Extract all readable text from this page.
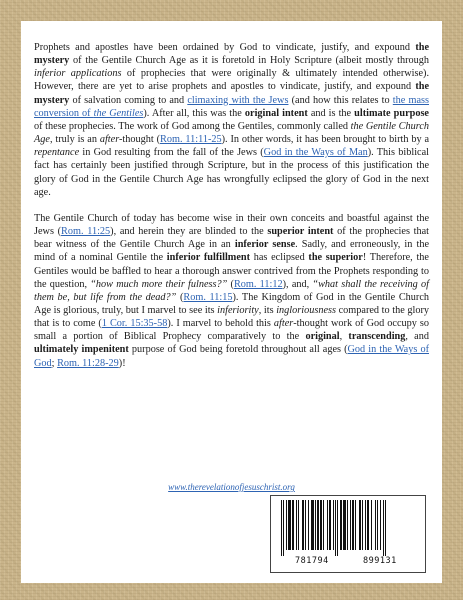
Prophets and apostles have been ordained by God to vindicate, justify, and expound the mystery of the Gentile Church Age as it is foretold in Holy Scripture (albeit mostly through inferior applications of prophecies that were originally & ultimately intended otherwise). However, there are yet to arise prophets and apostles to vindicate, justify, and expound the mystery of salvation coming to and climaxing with the Jews (and how this relates to the mass conversion of the Gentiles). After all, this was the original intent and is the ultimate purpose of these prophecies. The work of God among the Gentiles, commonly called the Gentile Church Age, truly is an after-thought (Rom. 11:11-25). In other words, it has been brought to birth by a repentance in God resulting from the fall of the Jews (God in the Ways of Man). This biblical fact has certainly been justified through Scripture, but in the process of this justification the glory of God in the Gentile Church Age has wrongfully eclipsed the glory of God in the next age.

The Gentile Church of today has become wise in their own conceits and boastful against the Jews (Rom. 11:25), and herein they are blinded to the superior intent of the prophecies that bear witness of the Gentile Church Age in an inferior sense. Sadly, and erroneously, in the mind of a nominal Gentile the inferior fulfillment has eclipsed the superior! Therefore, the Gentiles would be baffled to hear a thorough answer contrived from the Prophets responding to the question, “how much more their fulness?” (Rom. 11:12), and, “what shall the receiving of them be, but life from the dead?” (Rom. 11:15). The Kingdom of God in the Gentile Church Age is glorious, truly, but I marvel to see its inferiority, its ingloriousness compared to the glory that is to come (1 Cor. 15:35-58). I marvel to behold this after-thought work of God occupy so small a portion of Biblical Prophecy comparatively to the original, transcending, and ultimately impenitent purpose of God being foretold throughout all ages (God in the Ways of God; Rom. 11:28-29)!

www.therevelationofjesuschrist.org
781794	899131
